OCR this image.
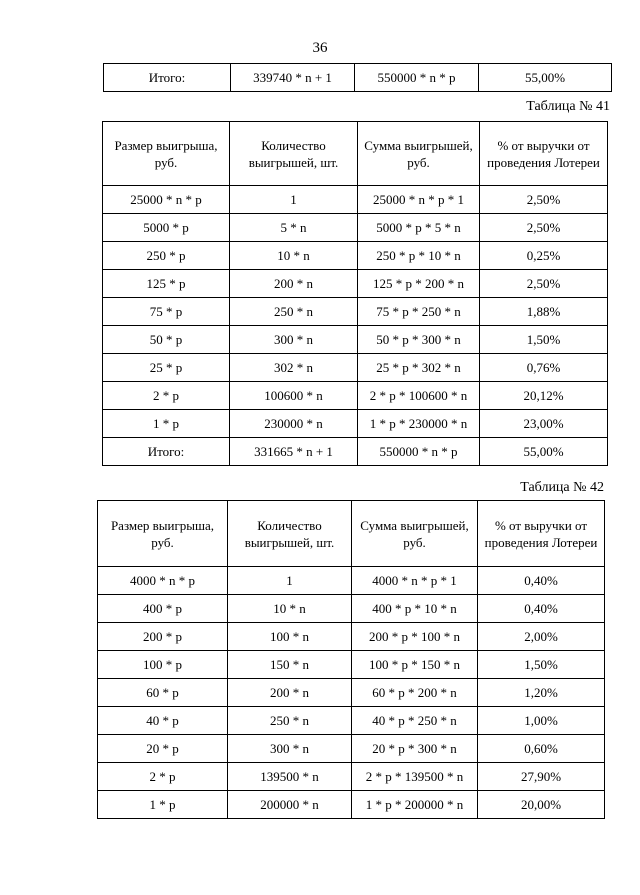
36
Итого:	339740 * n + 1	550000 * n * p	55,00%
Таблица № 41
Размер выигрыша, руб.	Количество выигрышей, шт.	Сумма выигрышей, руб.	% от выручки от проведения Лотереи
25000 * n * p	1	25000 * n * p * 1	2,50%
5000 * p	5 * n	5000 * p * 5 * n	2,50%
250 * p	10 * n	250 * p * 10 * n	0,25%
125 * p	200 * n	125 * p * 200 * n	2,50%
75 * p	250 * n	75 * p * 250 * n	1,88%
50 * p	300 * n	50 * p * 300 * n	1,50%
25 * p	302 * n	25 * p * 302 * n	0,76%
2 * p	100600 * n	2 * p * 100600 * n	20,12%
1 * p	230000 * n	1 * p * 230000 * n	23,00%
Итого:	331665 * n + 1	550000 * n * p	55,00%
Таблица № 42
Размер выигрыша, руб.	Количество выигрышей, шт.	Сумма выигрышей, руб.	% от выручки от проведения Лотереи
4000 * n * p	1	4000 * n * p * 1	0,40%
400 * p	10 * n	400 * p * 10 * n	0,40%
200 * p	100 * n	200 * p * 100 * n	2,00%
100 * p	150 * n	100 * p * 150 * n	1,50%
60 * p	200 * n	60 * p * 200 * n	1,20%
40 * p	250 * n	40 * p * 250 * n	1,00%
20 * p	300 * n	20 * p * 300 * n	0,60%
2 * p	139500 * n	2 * p * 139500 * n	27,90%
1 * p	200000 * n	1 * p * 200000 * n	20,00%
